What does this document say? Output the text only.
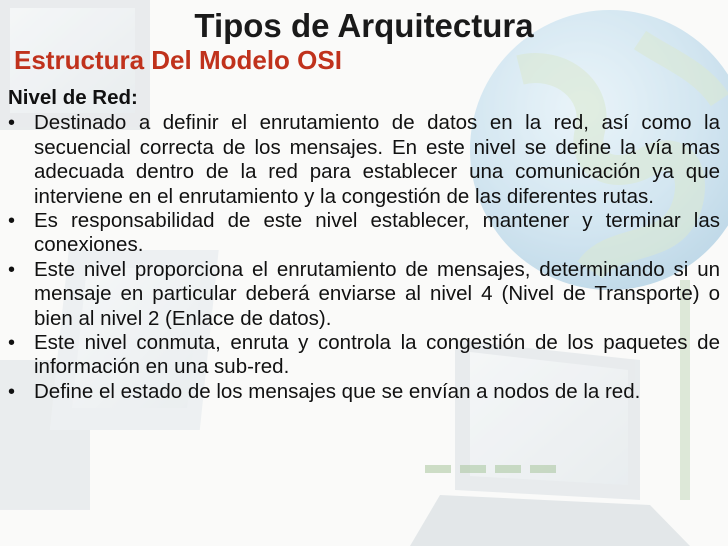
Tipos de Arquitectura
Estructura Del Modelo OSI
Nivel de Red:
• Destinado a definir el enrutamiento de datos en la red, así como la secuencial correcta de los mensajes. En este nivel se define la vía mas adecuada dentro de la red para establecer una comunicación ya que interviene en el enrutamiento y la congestión de las diferentes rutas.
• Es responsabilidad de este nivel establecer, mantener y terminar las conexiones.
• Este nivel proporciona el enrutamiento de mensajes, determinando si un mensaje en particular deberá enviarse al nivel 4 (Nivel de Transporte) o bien al nivel 2 (Enlace de datos).
• Este nivel conmuta, enruta y controla la congestión de los paquetes de información en una sub-red.
• Define el estado de los mensajes que se envían a nodos de la red.
